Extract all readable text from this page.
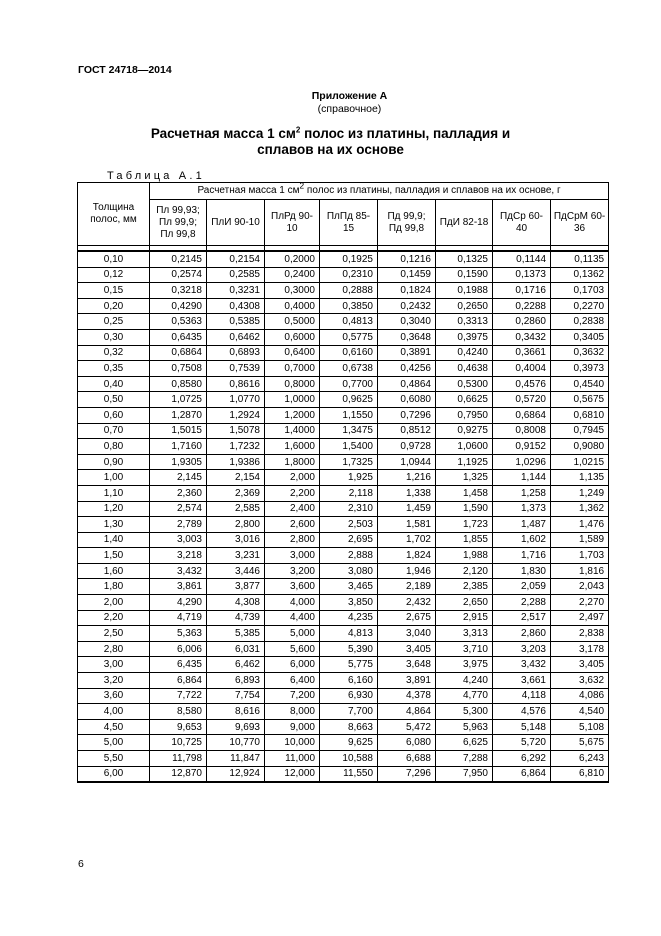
ГОСТ 24718—2014
Приложение А
(справочное)
Расчетная масса 1 $см^2$ полос из платины, палладия и
сплавов на их основе
Таблица А.1
Толщина полос, мм	Расчетная масса 1 $см^2$ полос из платины, палладия и сплавов на их основе, г							
	Пл 99,93; Пл 99,9; Пл 99,8	ПлИ 90-10	ПлРд 90-10	ПлПд 85-15	Пд 99,9; Пд 99,8	ПдИ 82-18	ПдСр 60-40	ПдСрМ 60-36

0,10	0,2145	0,2154	0,2000	0,1925	0,1216	0,1325	0,1144	0,1135
0,12	0,2574	0,2585	0,2400	0,2310	0,1459	0,1590	0,1373	0,1362
0,15	0,3218	0,3231	0,3000	0,2888	0,1824	0,1988	0,1716	0,1703
0,20	0,4290	0,4308	0,4000	0,3850	0,2432	0,2650	0,2288	0,2270
0,25	0,5363	0,5385	0,5000	0,4813	0,3040	0,3313	0,2860	0,2838
0,30	0,6435	0,6462	0,6000	0,5775	0,3648	0,3975	0,3432	0,3405
0,32	0,6864	0,6893	0,6400	0,6160	0,3891	0,4240	0,3661	0,3632
0,35	0,7508	0,7539	0,7000	0,6738	0,4256	0,4638	0,4004	0,3973
0,40	0,8580	0,8616	0,8000	0,7700	0,4864	0,5300	0,4576	0,4540
0,50	1,0725	1,0770	1,0000	0,9625	0,6080	0,6625	0,5720	0,5675
0,60	1,2870	1,2924	1,2000	1,1550	0,7296	0,7950	0,6864	0,6810
0,70	1,5015	1,5078	1,4000	1,3475	0,8512	0,9275	0,8008	0,7945
0,80	1,7160	1,7232	1,6000	1,5400	0,9728	1,0600	0,9152	0,9080
0,90	1,9305	1,9386	1,8000	1,7325	1,0944	1,1925	1,0296	1,0215
1,00	2,145	2,154	2,000	1,925	1,216	1,325	1,144	1,135
1,10	2,360	2,369	2,200	2,118	1,338	1,458	1,258	1,249
1,20	2,574	2,585	2,400	2,310	1,459	1,590	1,373	1,362
1,30	2,789	2,800	2,600	2,503	1,581	1,723	1,487	1,476
1,40	3,003	3,016	2,800	2,695	1,702	1,855	1,602	1,589
1,50	3,218	3,231	3,000	2,888	1,824	1,988	1,716	1,703
1,60	3,432	3,446	3,200	3,080	1,946	2,120	1,830	1,816
1,80	3,861	3,877	3,600	3,465	2,189	2,385	2,059	2,043
2,00	4,290	4,308	4,000	3,850	2,432	2,650	2,288	2,270
2,20	4,719	4,739	4,400	4,235	2,675	2,915	2,517	2,497
2,50	5,363	5,385	5,000	4,813	3,040	3,313	2,860	2,838
2,80	6,006	6,031	5,600	5,390	3,405	3,710	3,203	3,178
3,00	6,435	6,462	6,000	5,775	3,648	3,975	3,432	3,405
3,20	6,864	6,893	6,400	6,160	3,891	4,240	3,661	3,632
3,60	7,722	7,754	7,200	6,930	4,378	4,770	4,118	4,086
4,00	8,580	8,616	8,000	7,700	4,864	5,300	4,576	4,540
4,50	9,653	9,693	9,000	8,663	5,472	5,963	5,148	5,108
5,00	10,725	10,770	10,000	9,625	6,080	6,625	5,720	5,675
5,50	11,798	11,847	11,000	10,588	6,688	7,288	6,292	6,243
6,00	12,870	12,924	12,000	11,550	7,296	7,950	6,864	6,810
6
